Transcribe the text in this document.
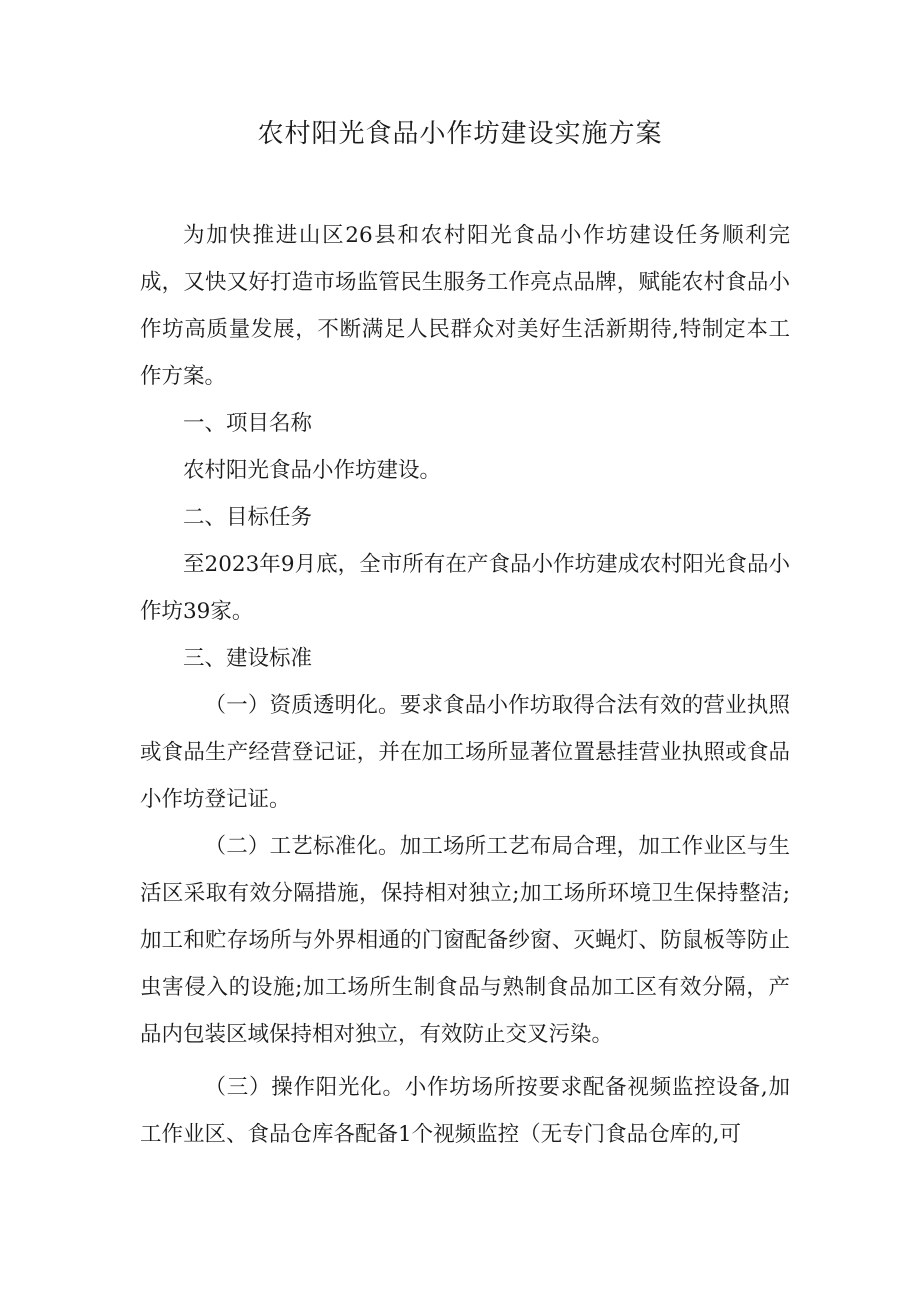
农村阳光食品小作坊建设实施方案

为加快推进山区26县和农村阳光食品小作坊建设任务顺利完成，又快又好打造市场监管民生服务工作亮点品牌，赋能农村食品小作坊高质量发展，不断满足人民群众对美好生活新期待,特制定本工作方案。

一、项目名称

农村阳光食品小作坊建设。

二、目标任务

至2023年9月底，全市所有在产食品小作坊建成农村阳光食品小作坊39家。

三、建设标准

（一）资质透明化。要求食品小作坊取得合法有效的营业执照或食品生产经营登记证，并在加工场所显著位置悬挂营业执照或食品小作坊登记证。

（二）工艺标准化。加工场所工艺布局合理，加工作业区与生活区采取有效分隔措施，保持相对独立;加工场所环境卫生保持整洁;加工和贮存场所与外界相通的门窗配备纱窗、灭蝇灯、防鼠板等防止虫害侵入的设施;加工场所生制食品与熟制食品加工区有效分隔，产品内包装区域保持相对独立，有效防止交叉污染。

（三）操作阳光化。小作坊场所按要求配备视频监控设备,加工作业区、食品仓库各配备1个视频监控（无专门食品仓库的,可
